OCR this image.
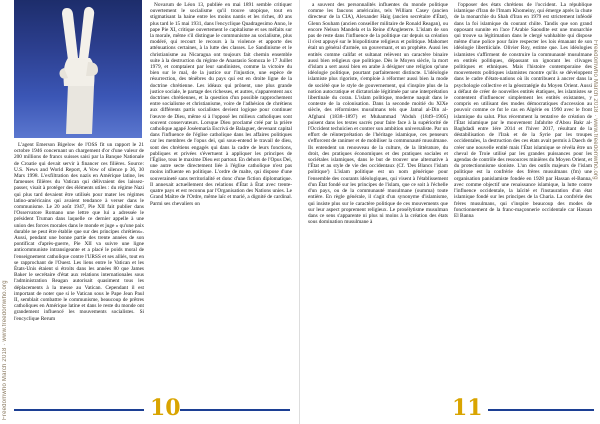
Freedomwho March 2018 · www.freedomwho.org

L'agent Emerson Bigelow de l'OSS fit un rapport le 21 octobre 1946 concernant un chargement d'or d'une valeur de 200 millions de francs suisses saisi par la Banque Nationale de Croatie qui devait servir à financer ces filières. Source: U.S. News and World Report, A Vow of silence p 36, 30 Mars 1998. L'exfiltration des nazis en Amérique latine, les fameuses filières du Vatican qui délivraient des laissez-passer, visait à protéger des éléments utiles : du régime Nazi qui plus tard devaient être utilisés pour mater les régimes latino-américains qui avaient tendance à verser dans le communisme. Le 20 août 1947, Pie XII fait publier dans l'Osservatore Romano une lettre que lui a adressée le président Truman dans laquelle ce dernier appelle à une union des forces morales dans le monde et juge « qu'une paix durable ne peut être établie que sur des principes chrétiens». Aussi, pendant une bonne partie des trente années de son pontificat d'après-guerre, Pie XII va suivre une ligne anticommuniste intransigeante et a placé le poids moral de l'enseignement catholique contre l'URSS et ses alliés, tout en se rapprochant de l'Ouest. Les liens entre le Vatican et les États-Unis étaient si étroits dans les années 80 que James Baker le secrétaire d'état aux relations internationales sous l'administration Reagan autorisait quasiment tous les déplacements à la messe au Vatican. Cependant il est important de noter que si le Vatican sous le Pape Jean Paul II, semblait combattre le communisme, beaucoup de prêtres catholiques en Amérique latine et dans le reste du monde ont grandement influencé les mouvements socialistes. Si l'encyclique Rerum

Novarum de Léon 13, publiée en mai 1891 semble critiquer ouvertement le socialisme qu'il trouve utopique, tout en stigmatisant la haine entre les moins nantis et les riches, 40 ans plus tard le 15 mai 1931, dans l'encyclique Quadragesimo Anno, le pape Pie XI, critique ouvertement le capitalisme et ses méfaits sur la morale, même s'il distingue le communisme au socialisme, plus modéré, qui recourt le recours à la violence et apporte des atténuations certaines, à la lutte des classes. Le Sandinisme et le christianisme au Nicaragua ont toujours fait chemin ensemble suite à la destruction du régime de Anastasio Somoza le 17 Juillet 1979, et comptaient par leur sandinistes, comme la victoire du bien sur le mal, de la justice sur l'injustice, une espèce de résurrection, des ténèbres du pays qui est en droite ligne de la doctrine chrétienne. Les idéaux qui prônent, une plus grande justice sociale, le partage des richesses, et autres, s'apparentent aux doctrines chrétiennes, et la question d'un possible rapprochement entre socialisme et christianisme, voire de l'adhésion de chrétiens aux différents partis socialistes devient logique pour continuer l'œuvre de Dieu, même si à l'opposé les milieux catholiques sont souvent conservateurs. Lorsque Dieu proclamé créé par la prière catholique agapé Joséemaría Escrivá de Balaguer, devenant capital dans l'influence de l'église catholique dans les affaires politiques car les membres de l'opus dei, qui sous-entend le travail de dieu, sont des chrétiens engagés qui dans la cadre de leurs fonctions, publiques et privées s'évertuent à appliquer les principes de l'Église, tous le maxime Dieu est partout. En dehors de l'Opus Dei, une autre secte directement liée à l'église catholique n'est pas moins influente en politique. L'ordre de malte, qui dispose d'une souveraineté sans territorialité et donc d'une fiction diplomatique. Il annexait actuellement des relations d'État à État avec trente-quatre pays et est reconnu par l'Organisation des Nations unies. Le Grand Maître de l'Ordre, même laïc et marié, a dignité de cardinal. Parmi ses chevaliers on

10

a souvent des personnalités influentes du monde politique comme les faucons américains, tels William Casey (ancien directeur de la CIA), Alexander Haig (ancien secrétaire d'État), Glenn Souham (ancien conseiller militaire de Ronald Reagan), ou encore Nelson Mandela et la Reine d'Angleterre. L'islam de son pas de reste dans l'influence de la politique car depuis sa création il s'est appuyé sur le biopolitisme religieux et politique. Mahomet était un général d'armée, un gouvernant, et un prophète. Aussi les entités comme califat et sultanat relèvent un caractère binaire aussi bien religieux que politique. Dès le Moyen siècle, la mort d'islam a sert aussi bien en arabe à désigner une religion qu'une idéologie politique, pourtant parfaitement distincte. L'idéologie islamiste plus rigoriste, s'emploie à réformer aussi bien la mode de société que le style de gouvernement, qui s'inspire plus de la notion autocratique et dictatoriale légitimée par une interprétation libertinale du coran. L'islam politique, moderne naquit dans le contexte de la colonisation. Dans la seconde moitié du XIXe siècle, des réformistes musulmans tels que Jamal al-Din al-Afghani (1838–1897) et Muhammad 'Abduh (1849–1905) puisent dans les textes sacrés pour faire face à la supériorité de l'Occident technicien et contrer son ambition universaliste. Par un effort de réinterprétation de l'héritage islamique, ces penseurs s'efforcent de ranimer et de mobiliser la communauté musulmane. Ils entendent un renouveau de la culture, de la littérature, du droit, des pratiques économiques et des pratiques sociales et sociétales islamiques, dans le but de trouver une alternative à l'État et au style de vie des occidentaux (Cf. 'Des Blancs l'islam politique') L'islam politique est un nom générique pour l'ensemble des courants idéologiques, qui visent à l'établissement d'un État fondé sur les principes de l'islam, que ce soit à l'échelle d'un pays, ou de la communauté musulmane (oumma) toute entière. En règle générale, il s'agit d'un synonyme d'islamisme, qui insiste plus sur le caractère politique de ces mouvements que sur leur aspect proprement religieux. Le prosélytisme musulman dans ce sens s'apparente ni plus ni moins à la création des états sous domination musulmane à

l'opposer des états chrétiens de l'occident. La république islamique d'Iran de l'Imam Khomeiny, qui émerge après la chute de la monarchie du Shah d'Iran en 1979 est strictement inféodé dans la foi islamique du courant chiite. Tandis que son grand opposant sunnite en l'ace l'Arabie Saoudite est une monarchie qui trouve sa légitimation dans le clergé wahhabite qui dispose même d'une police pour faire respecter les lois émanant de son idéologie libertiiciale. Olivier Roy, estime que. Les idéologies islamistes s'affirment de construire la communauté musulmane en entités politiques, dépassant un ignorant les clivages politiques et ethniques. Mais l'histoire contemporaine des mouvements politiques islamistes montre qu'ils se développent dans le cadre d'états-nations où ils contribuent à ancrer dans la psychologie collective et la géostratégie du Moyen Orient. Aussi a défaut de créer de nouvelles entités étatiques, les islamistes se contentent d'influencer simplement les entités existantes, y compris en utilisant des modes démocratiques d'accession au pouvoir comme ce fut le cas en Algérie en 1990 avec le front islamique du salut. Plus récemment la tentative de création de l'État islamique par le mouvement Jafahrite d'Abou Bakr al-Baghdadi entre 1ére 2014 et l'hiver 2017, résultant de la déstabilisation de l'Irak et de la Syrie par les troupes occidentales, la destruction des ces états avait permis à Daech de créer une nouvelle entité mais l'État islamique se révéla être un cheval de Troie utilisé par les grandes puissances pour les agendas de contrôle des ressources minières du Moyen Orient, et du protectionnisme sioniste. L'un des outils majeurs de l'islam politique est la confrérie des frères musulmans (fm) une organisation panislamiste fondée en 1928 par Hassan el-Banna, avec comme objectif une renaissance islamique, la lutte contre l'influence occidentale, la laïcité et l'instauration d'un état islamique fondé sur les principes de la Charia. La confrérie des frères musulmans, qui s'inspire beaucoup des modes de fonctionnement de la franc-maçonnerie occidentale car Hassan El Banna

11
Freedomwho March 2018 · www.freedomwho.org
